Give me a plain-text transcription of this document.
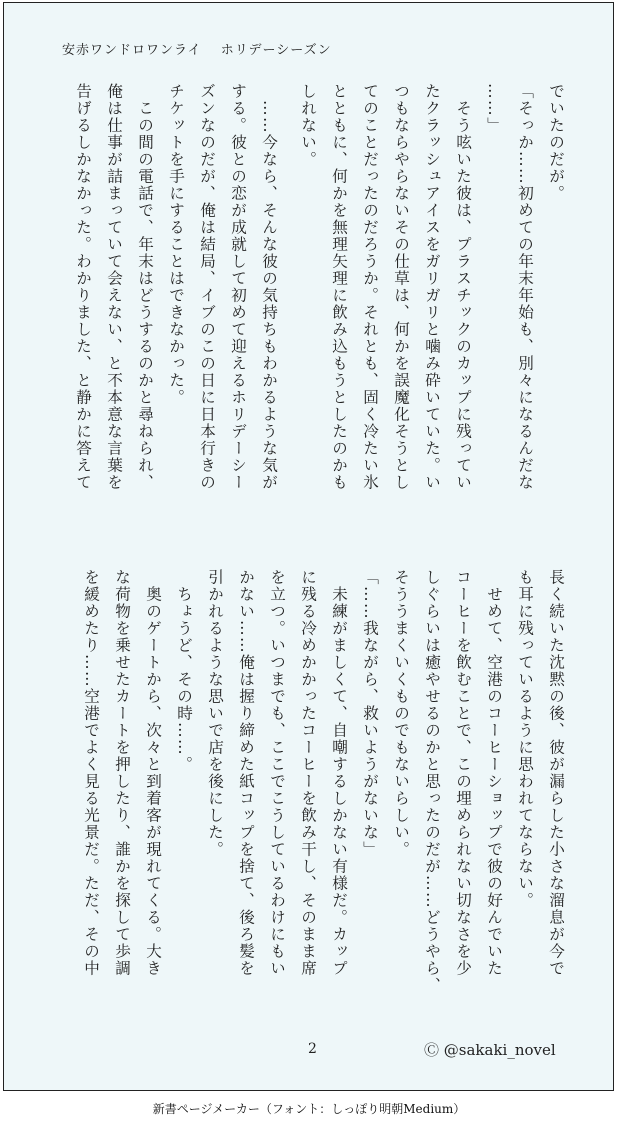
安赤ワンドロワンライ ホリデーシーズン
でいたのだが。
「そっか……初めての年末年始も、別々になるんだな
……」
　そう呟いた彼は、プラスチックのカップに残ってい
たクラッシュアイスをガリガリと噛み砕いていた。い
つもならやらないその仕草は、何かを誤魔化そうとし
てのことだったのだろうか。それとも、固く冷たい氷
とともに、何かを無理矢理に飲み込もうとしたのかも
しれない。
　……今なら、そんな彼の気持ちもわかるような気が
する。彼との恋が成就して初めて迎えるホリデーシー
ズンなのだが、俺は結局、イブのこの日に日本行きの
チケットを手にすることはできなかった。
　この間の電話で、年末はどうするのかと尋ねられ、
俺は仕事が詰まっていて会えない、と不本意な言葉を
告げるしかなかった。わかりました、と静かに答えて
長く続いた沈黙の後、彼が漏らした小さな溜息が今で
も耳に残っているように思われてならない。
　せめて、空港のコーヒーショップで彼の好んでいた
コーヒーを飲むことで、この埋められない切なさを少
しぐらいは癒やせるのかと思ったのだが……どうやら、
そううまくいくものでもないらしい。
「……我ながら、救いようがないな」
　未練がましくて、自嘲するしかない有様だ。カップ
に残る冷めかかったコーヒーを飲み干し、そのまま席
を立つ。いつまでも、ここでこうしているわけにもい
かない……俺は握り締めた紙コップを捨て、後ろ髪を
引かれるような思いで店を後にした。
　ちょうど、その時……。
　奥のゲートから、次々と到着客が現れてくる。大き
な荷物を乗せたカートを押したり、誰かを探して歩調
を緩めたり……空港でよく見る光景だ。ただ、その中
2	Ⓒ @sakaki_novel
新書ページメーカー（フォント：しっぽり明朝Medium）
